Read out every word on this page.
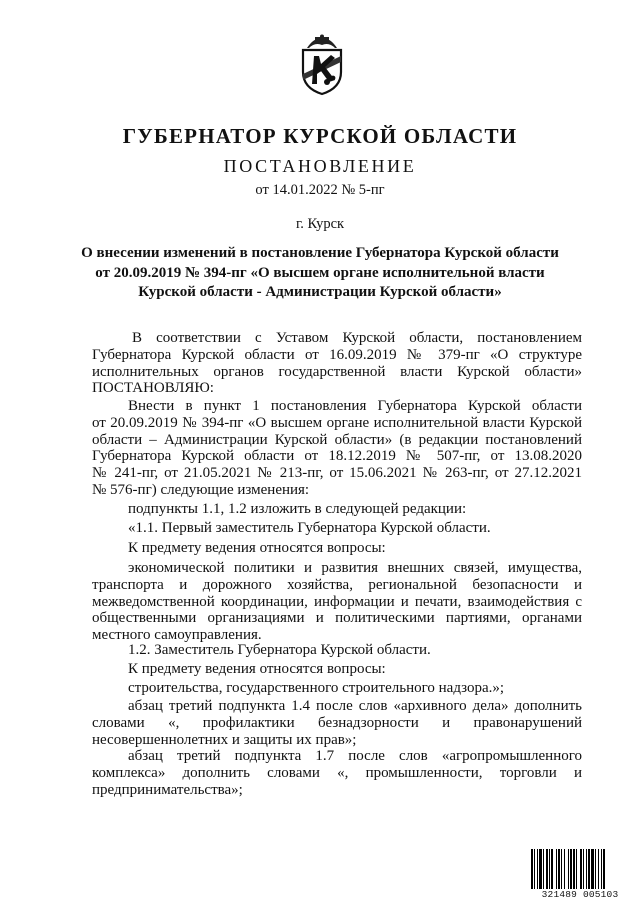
ГУБЕРНАТОР КУРСКОЙ ОБЛАСТИ
ПОСТАНОВЛЕНИЕ
от 14.01.2022 № 5-пг
г. Курск
О внесении изменений в постановление Губернатора Курской области
от 20.09.2019 № 394-пг «О высшем органе исполнительной власти
Курской области - Администрации Курской области»
В соответствии с Уставом Курской области, постановлением
Губернатора Курской области от 16.09.2019 № 379-пг «О структуре
исполнительных органов государственной власти Курской области»
ПОСТАНОВЛЯЮ:
Внести в пункт 1 постановления Губернатора Курской области
от 20.09.2019 № 394-пг «О высшем органе исполнительной власти Курской
области – Администрации Курской области» (в редакции постановлений
Губернатора Курской области от 18.12.2019 № 507-пг, от 13.08.2020
№ 241-пг, от 21.05.2021 № 213-пг, от 15.06.2021 № 263-пг, от 27.12.2021
№ 576-пг) следующие изменения:
подпункты 1.1, 1.2 изложить в следующей редакции:
«1.1. Первый заместитель Губернатора Курской области.
К предмету ведения относятся вопросы:
экономической политики и развития внешних связей, имущества,
транспорта и дорожного хозяйства, региональной безопасности и
межведомственной координации, информации и печати, взаимодействия с
общественными организациями и политическими партиями, органами
местного самоуправления.
1.2. Заместитель Губернатора Курской области.
К предмету ведения относятся вопросы:
строительства, государственного строительного надзора.»;
абзац третий подпункта 1.4 после слов «архивного дела» дополнить
словами «, профилактики безнадзорности и правонарушений
несовершеннолетних и защиты их прав»;
абзац третий подпункта 1.7 после слов «агропромышленного
комплекса» дополнить словами «, промышленности, торговли и
предпринимательства»;
321489 005103
